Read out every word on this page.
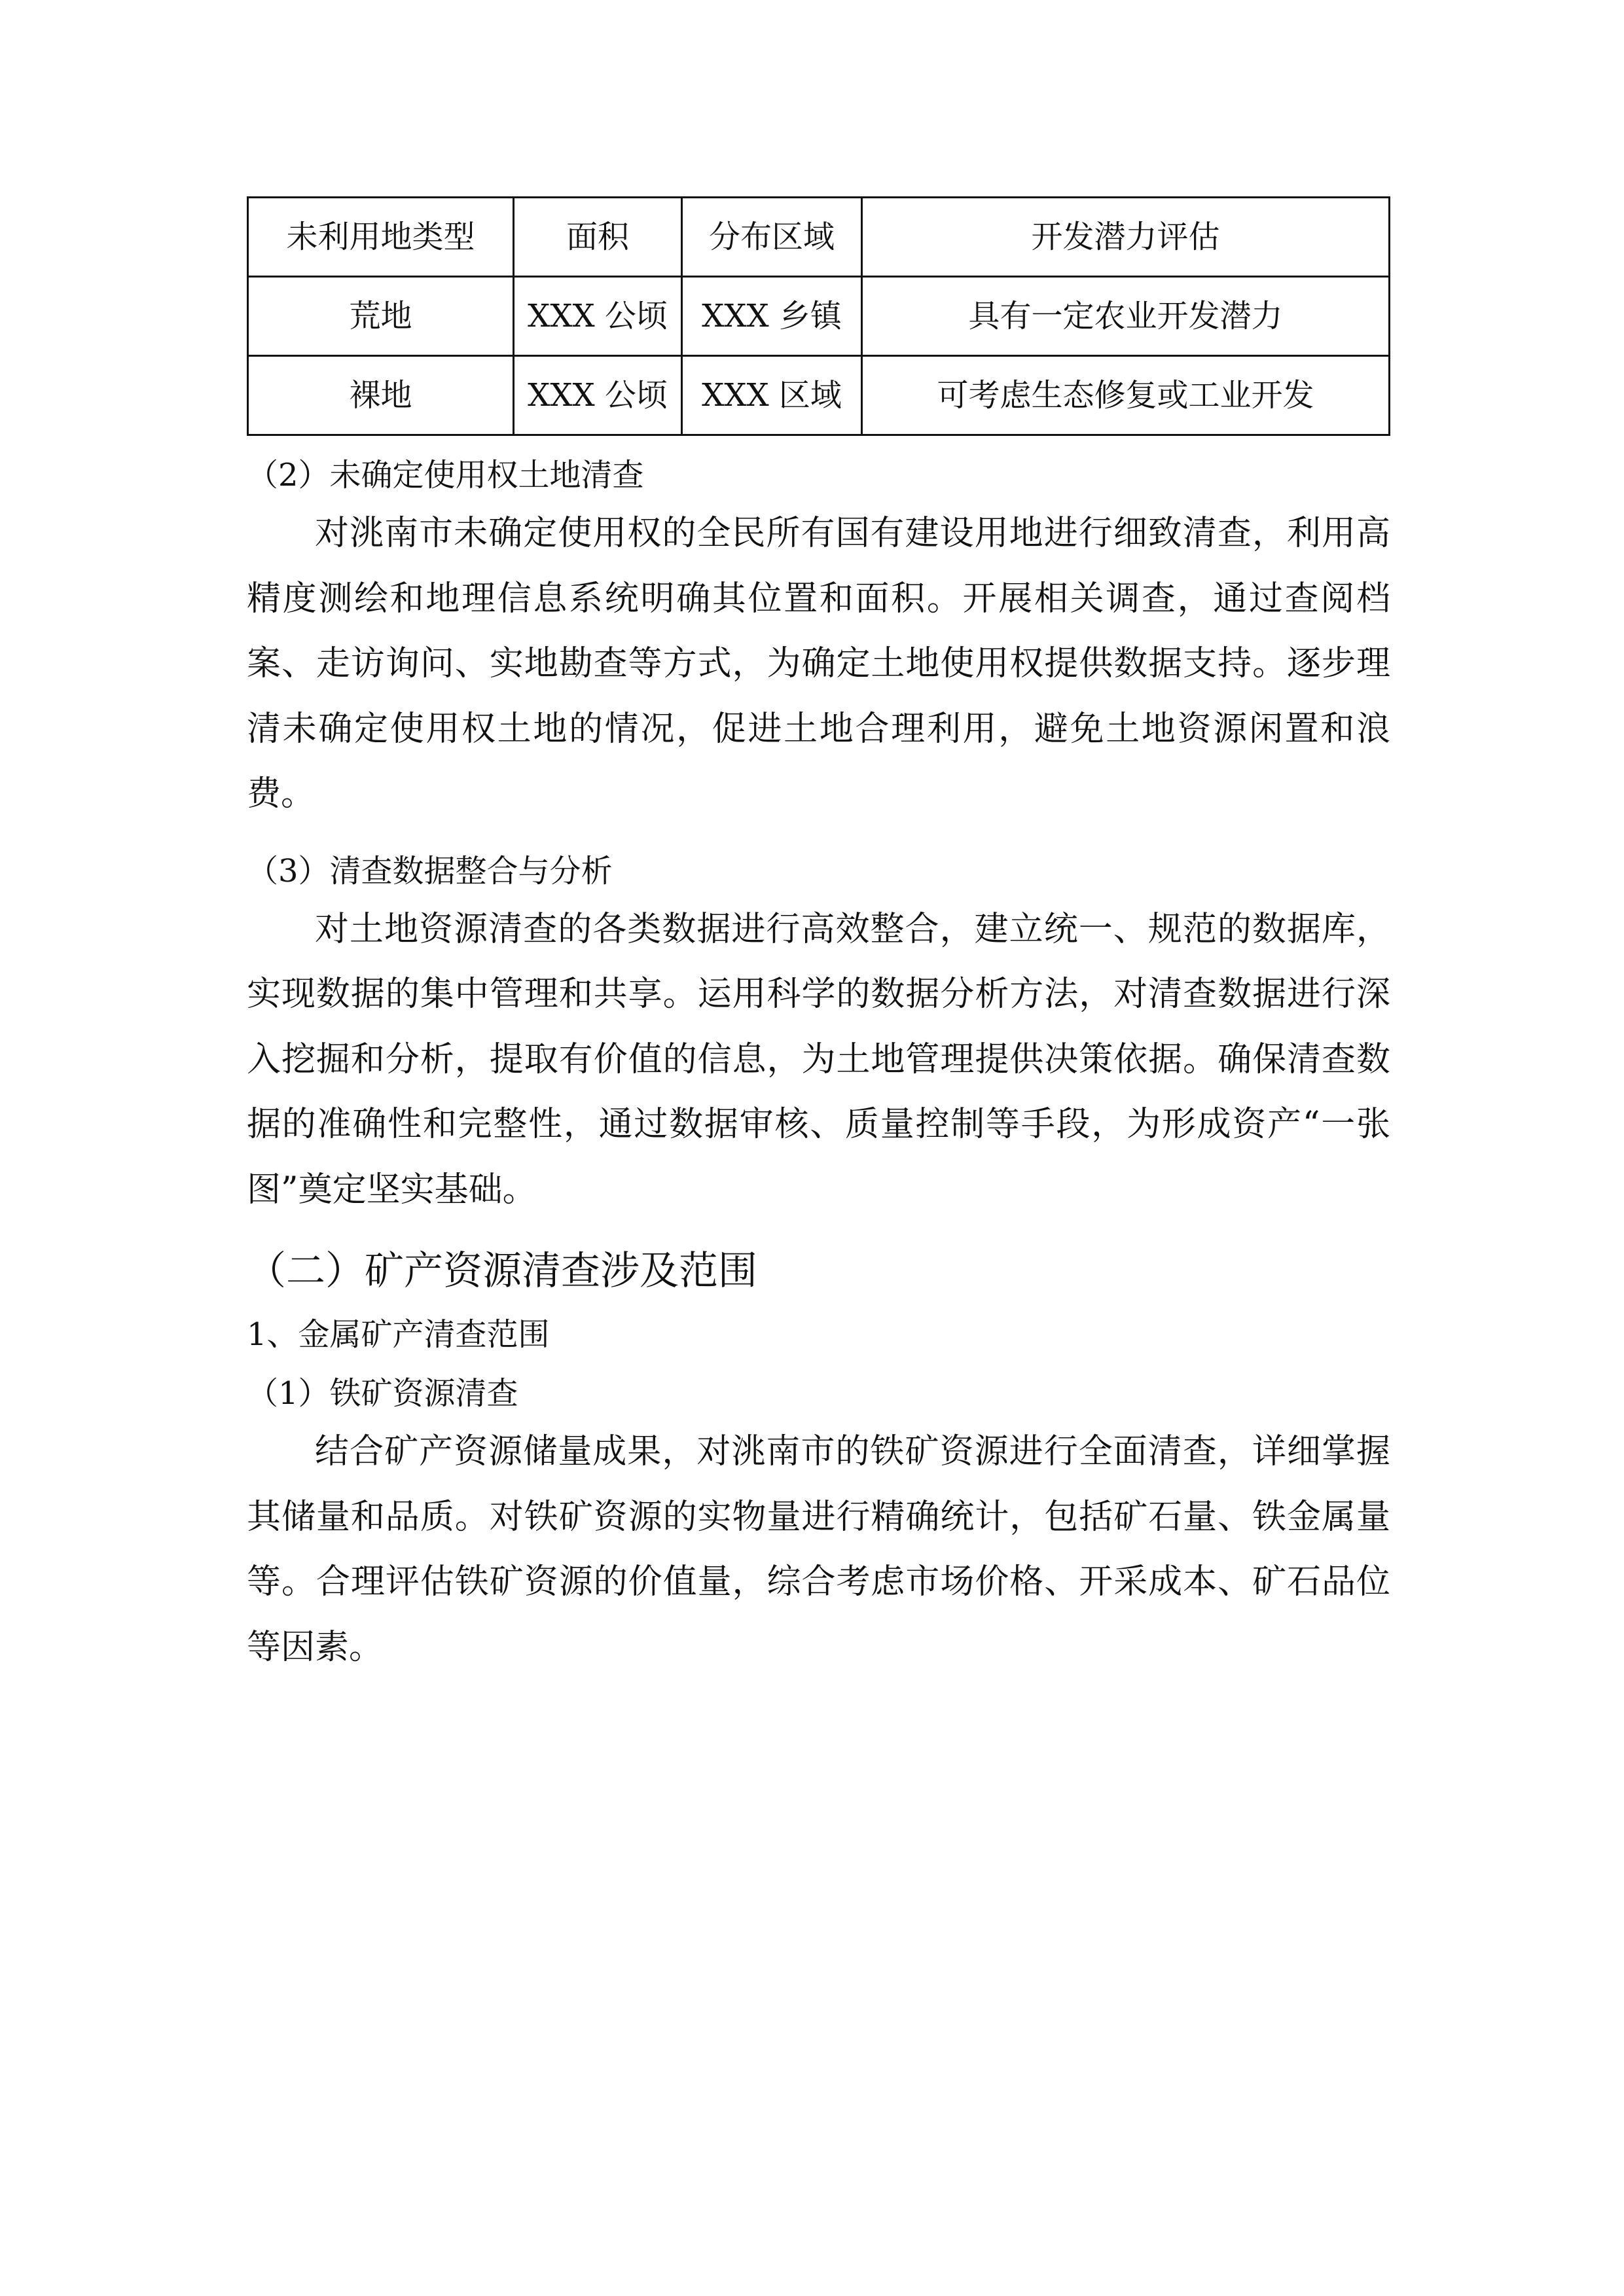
未利用地类型	面积	分布区域	开发潜力评估
荒地	XXX 公顷	XXX 乡镇	具有一定农业开发潜力
裸地	XXX 公顷	XXX 区域	可考虑生态修复或工业开发
（2）未确定使用权土地清查
对洮南市未确定使用权的全民所有国有建设用地进行细致清查，利用高精度测绘和地理信息系统明确其位置和面积。开展相关调查，通过查阅档案、走访询问、实地勘查等方式，为确定土地使用权提供数据支持。逐步理清未确定使用权土地的情况，促进土地合理利用，避免土地资源闲置和浪费。
（3）清查数据整合与分析
对土地资源清查的各类数据进行高效整合，建立统一、规范的数据库，实现数据的集中管理和共享。运用科学的数据分析方法，对清查数据进行深入挖掘和分析，提取有价值的信息，为土地管理提供决策依据。确保清查数据的准确性和完整性，通过数据审核、质量控制等手段，为形成资产“一张图”奠定坚实基础。
（二）矿产资源清查涉及范围
1、金属矿产清查范围
（1）铁矿资源清查
结合矿产资源储量成果，对洮南市的铁矿资源进行全面清查，详细掌握其储量和品质。对铁矿资源的实物量进行精确统计，包括矿石量、铁金属量等。合理评估铁矿资源的价值量，综合考虑市场价格、开采成本、矿石品位等因素。
